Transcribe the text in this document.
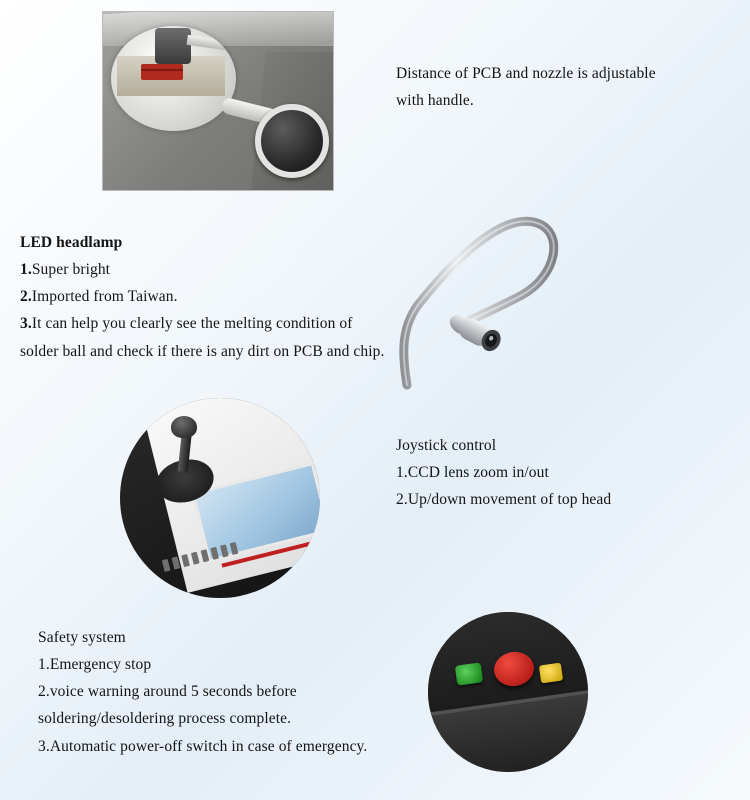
Distance of PCB and nozzle is adjustable
with handle.
LED headlamp
1.Super bright
2.Imported from Taiwan.
3.It can help you clearly see the melting condition of solder ball and check if there is any dirt on PCB and chip.
Joystick control
1.CCD lens zoom in/out
2.Up/down movement of top head
Safety system
1.Emergency stop
2.voice warning around 5 seconds before soldering/desoldering process complete.
3.Automatic power-off switch in case of emergency.
